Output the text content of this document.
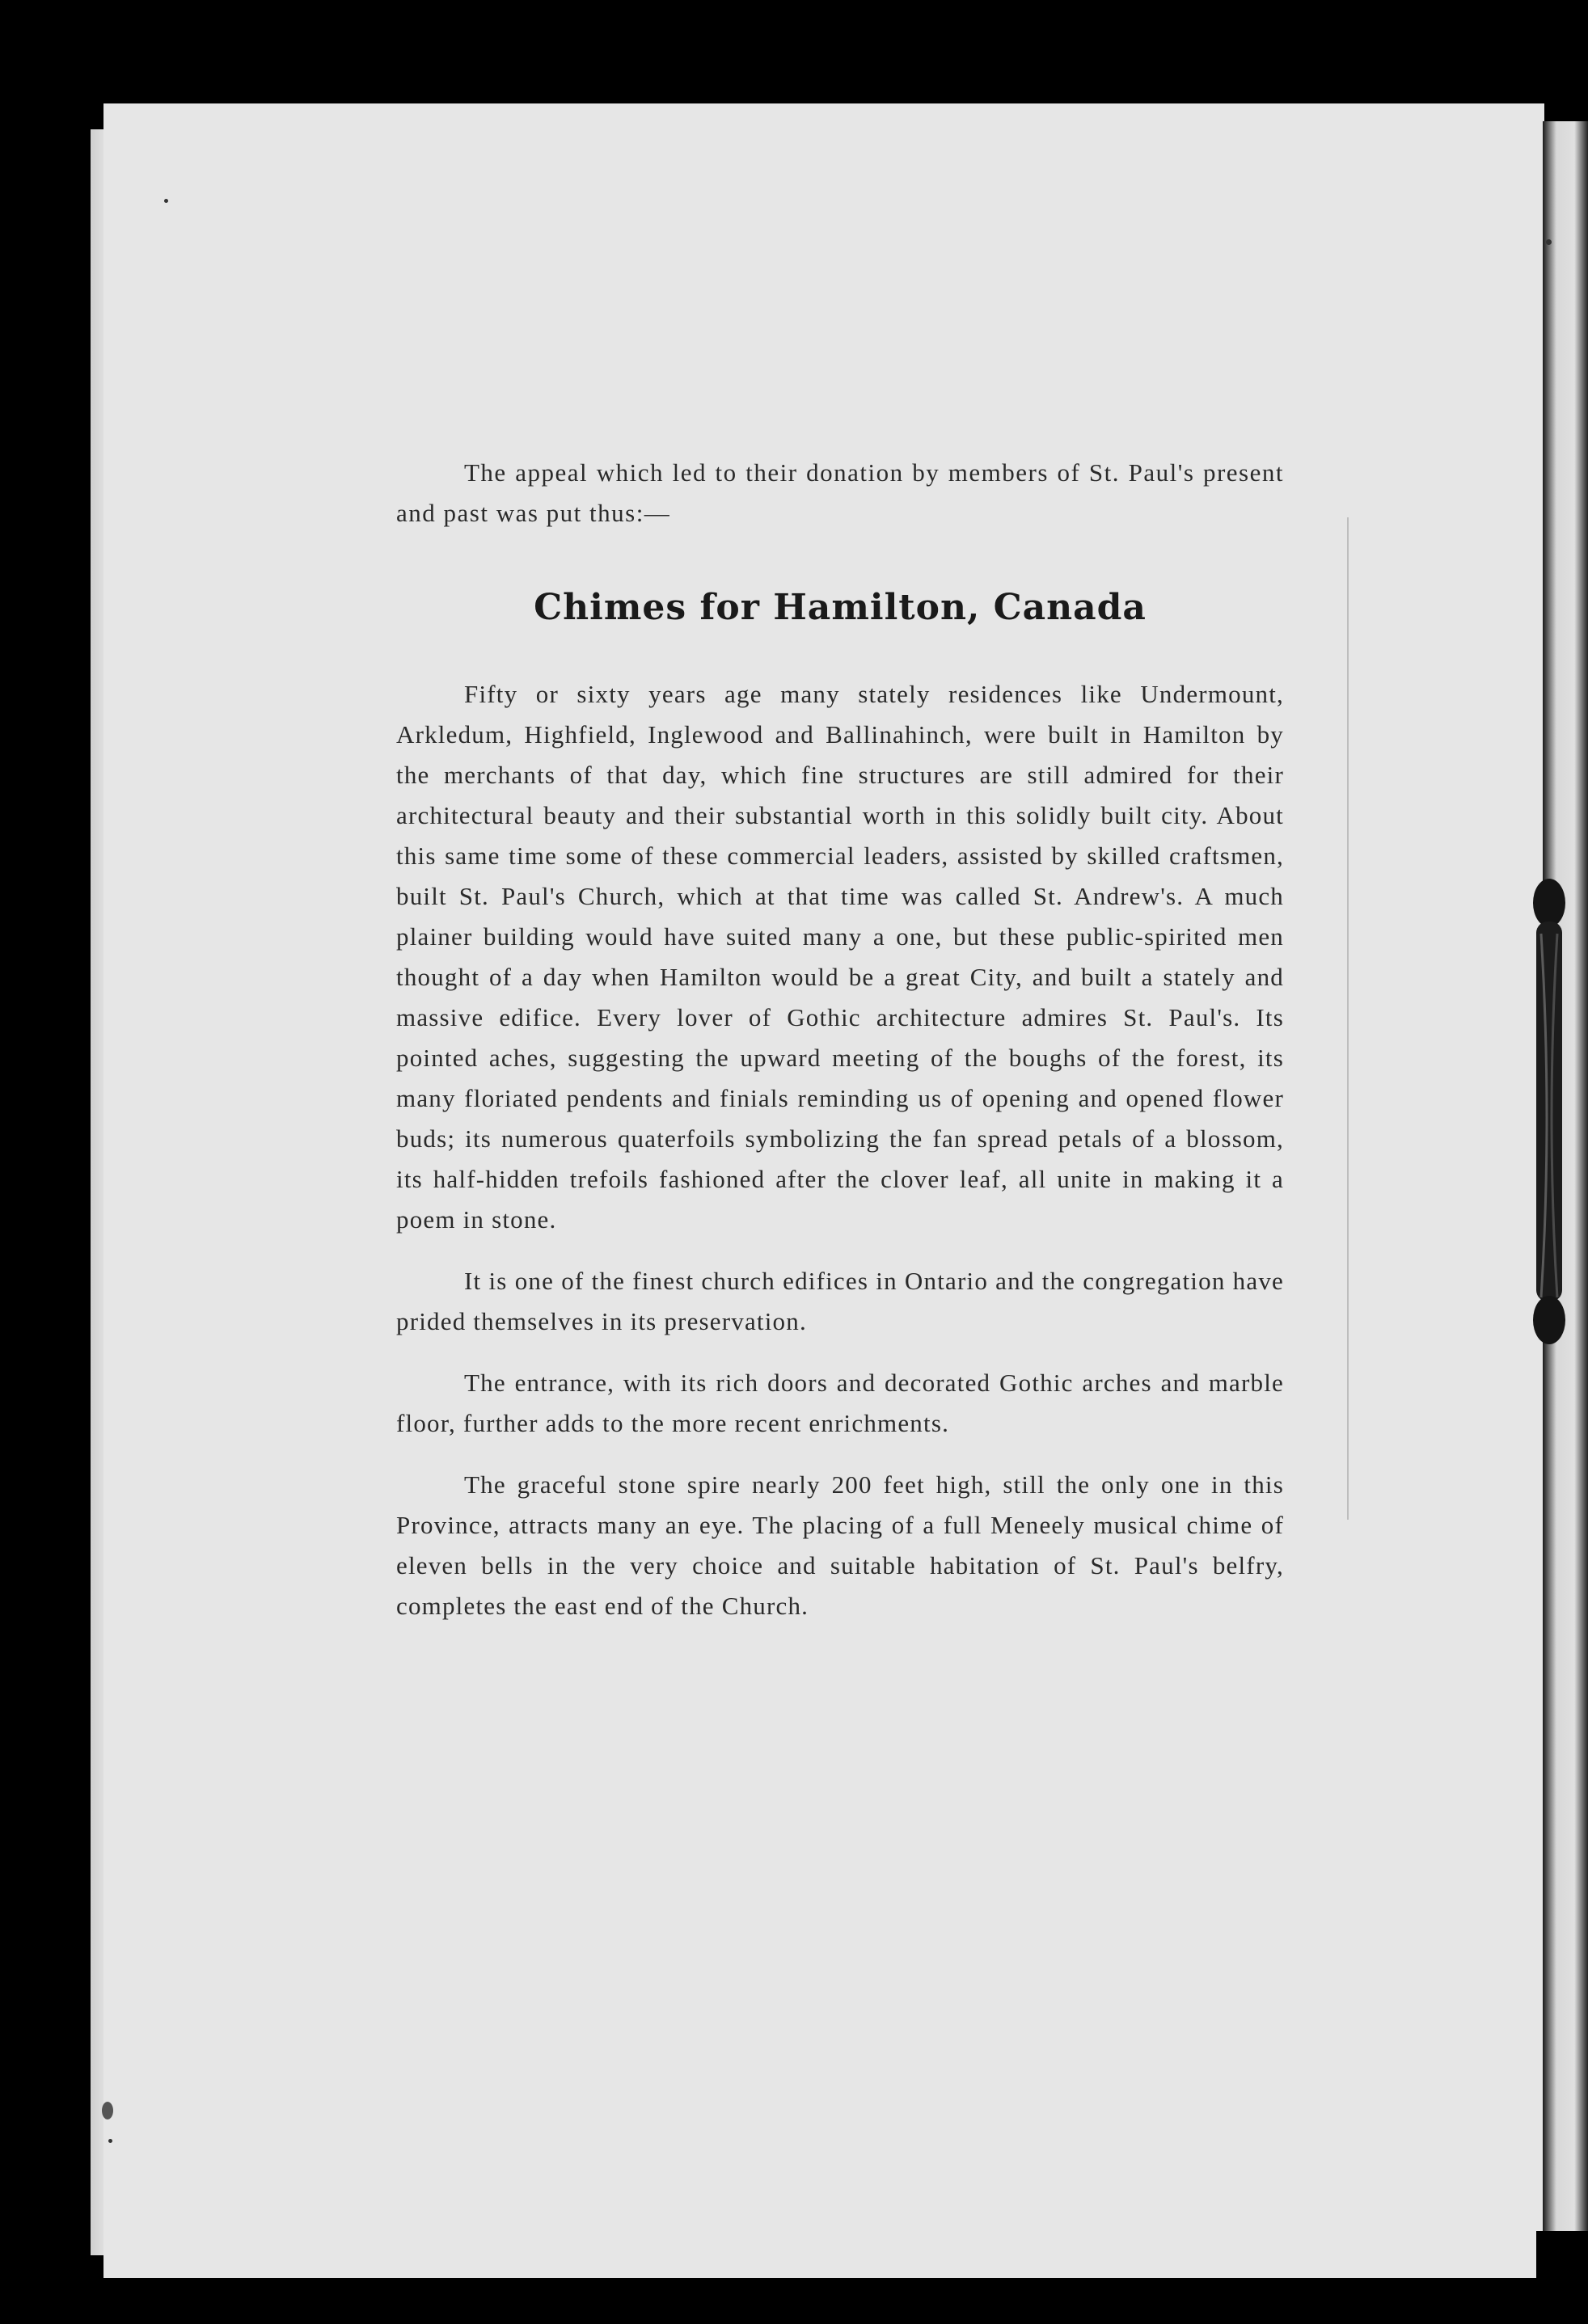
The appeal which led to their donation by members of St. Paul's present and past was put thus:—

Chimes for Hamilton, Canada

Fifty or sixty years age many stately residences like Undermount, Arkledum, Highfield, Inglewood and Ballinahinch, were built in Hamilton by the merchants of that day, which fine structures are still admired for their architectural beauty and their substantial worth in this solidly built city. About this same time some of these commercial leaders, assisted by skilled craftsmen, built St. Paul's Church, which at that time was called St. Andrew's. A much plainer building would have suited many a one, but these public-spirited men thought of a day when Hamilton would be a great City, and built a stately and massive edifice. Every lover of Gothic architecture admires St. Paul's. Its pointed aches, suggesting the upward meeting of the boughs of the forest, its many floriated pendents and finials reminding us of opening and opened flower buds; its numerous quaterfoils symbolizing the fan spread petals of a blossom, its half-hidden trefoils fashioned after the clover leaf, all unite in making it a poem in stone.

It is one of the finest church edifices in Ontario and the congregation have prided themselves in its preservation.

The entrance, with its rich doors and decorated Gothic arches and marble floor, further adds to the more recent enrichments.

The graceful stone spire nearly 200 feet high, still the only one in this Province, attracts many an eye. The placing of a full Meneely musical chime of eleven bells in the very choice and suitable habitation of St. Paul's belfry, completes the east end of the Church.
